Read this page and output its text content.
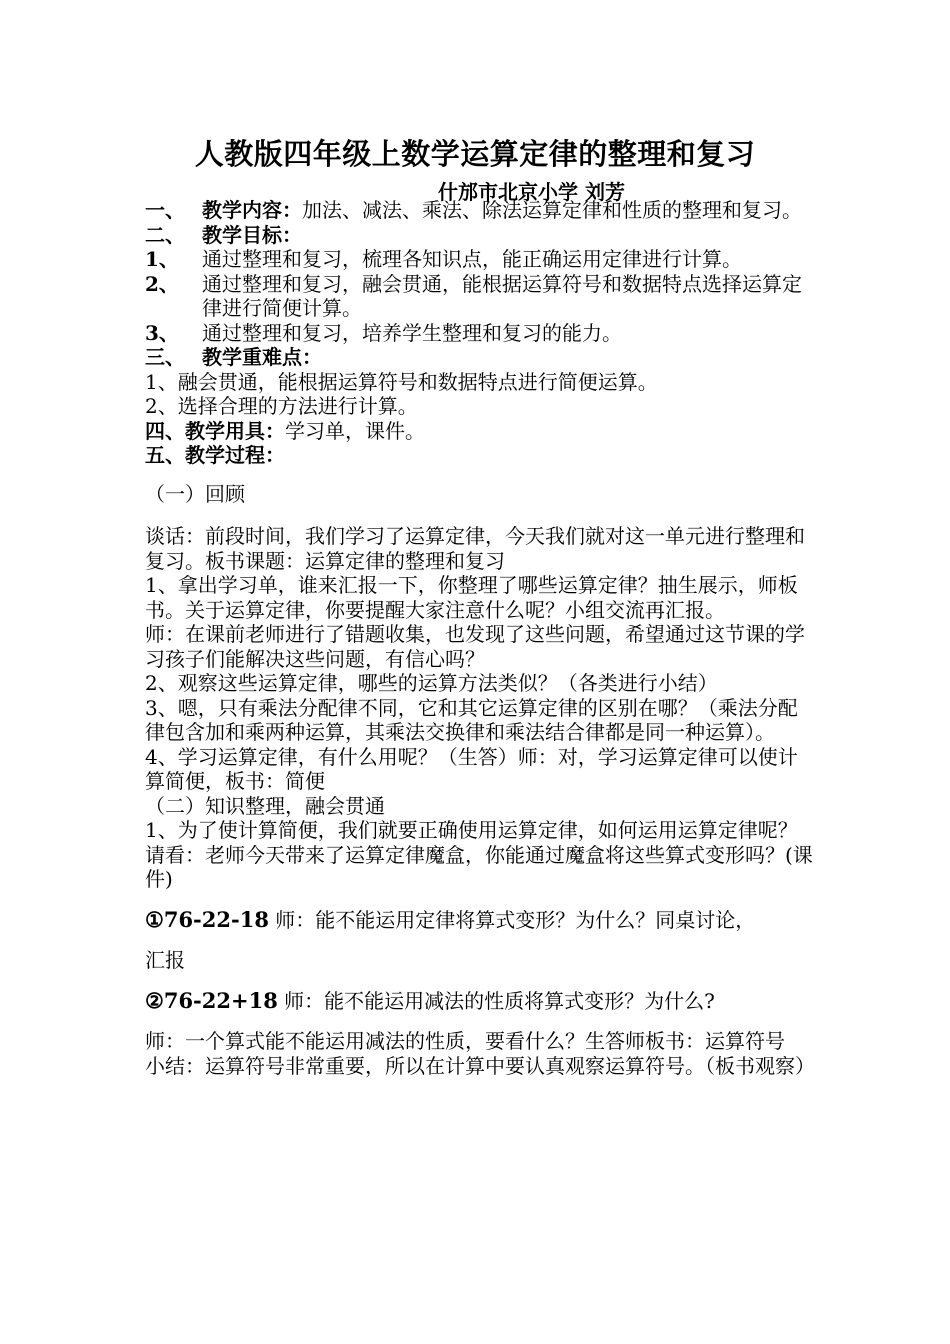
人教版四年级上数学运算定律的整理和复习
什邡市北京小学 刘芳
一、 教学内容：加法、减法、乘法、除法运算定律和性质的整理和复习。
二、 教学目标：
1、	通过整理和复习，梳理各知识点，能正确运用定律进行计算。
2、	通过整理和复习，融会贯通，能根据运算符号和数据特点选择运算定律进行简便计算。
3、	通过整理和复习，培养学生整理和复习的能力。
三、 教学重难点：

1、融会贯通，能根据运算符号和数据特点进行简便运算。

2、选择合理的方法进行计算。

四、教学用具：学习单，课件。

五、教学过程：

（一）回顾

谈话：前段时间，我们学习了运算定律，今天我们就对这一单元进行整理和复习。板书课题：运算定律的整理和复习

1、拿出学习单，谁来汇报一下，你整理了哪些运算定律？抽生展示，师板书。关于运算定律，你要提醒大家注意什么呢？小组交流再汇报。

师：在课前老师进行了错题收集，也发现了这些问题，希望通过这节课的学习孩子们能解决这些问题，有信心吗？

2、观察这些运算定律，哪些的运算方法类似？（各类进行小结）

3、嗯，只有乘法分配律不同，它和其它运算定律的区别在哪？（乘法分配律包含加和乘两种运算，其乘法交换律和乘法结合律都是同一种运算）。

4、学习运算定律，有什么用呢？（生答）师：对，学习运算定律可以使计算简便，板书：简便

（二）知识整理，融会贯通

1、为了使计算简便，我们就要正确使用运算定律，如何运用运算定律呢？请看：老师今天带来了运算定律魔盒，你能通过魔盒将这些算式变形吗？(课件)

①76-22-18 师：能不能运用定律将算式变形？为什么？同桌讨论，

汇报

②76-22+18 师：能不能运用减法的性质将算式变形？为什么?

师：一个算式能不能运用减法的性质，要看什么？生答师板书：运算符号

小结：运算符号非常重要，所以在计算中要认真观察运算符号。（板书观察）
